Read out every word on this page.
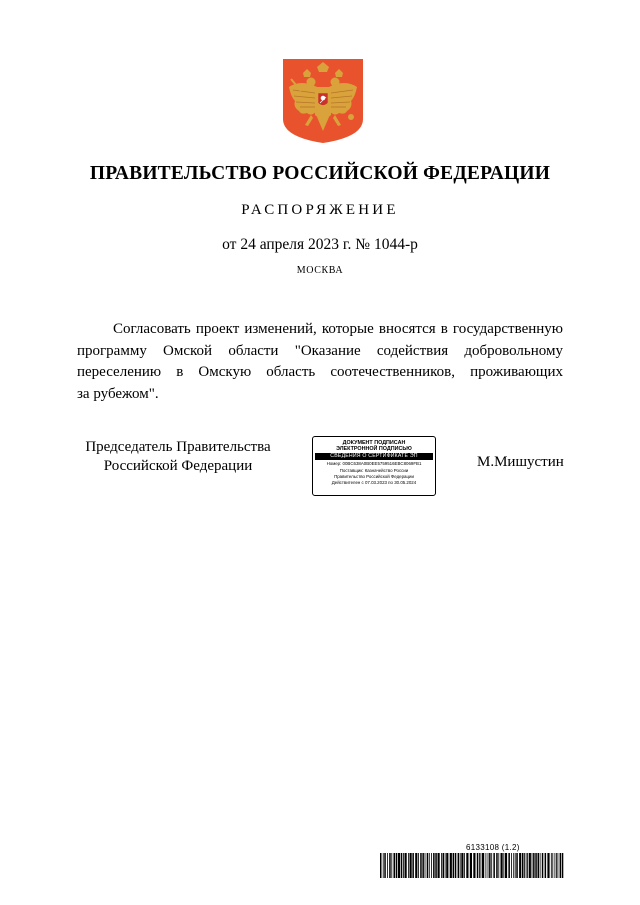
ПРАВИТЕЛЬСТВО РОССИЙСКОЙ ФЕДЕРАЦИИ
РАСПОРЯЖЕНИЕ
от 24 апреля 2023 г. № 1044-р
МОСКВА
Согласовать проект изменений, которые вносятся в государственную
программу Омской области "Оказание содействия добровольному
переселению в Омскую область соотечественников, проживающих
за рубежом".
Председатель Правительства
Российской Федерации
ДОКУМЕНТ ПОДПИСАН
ЭЛЕКТРОННОЙ ПОДПИСЬЮ
СВЕДЕНИЯ О СЕРТИФИКАТЕ ЭП
Номер: 00BC638A0B0EE5759516EBC8069FB1
Поставщик: Казначейство России
Правительство Российской Федерации
Действителен с 07.03.2023 по 30.05.2024
М.Мишустин
6133108 (1.2)
